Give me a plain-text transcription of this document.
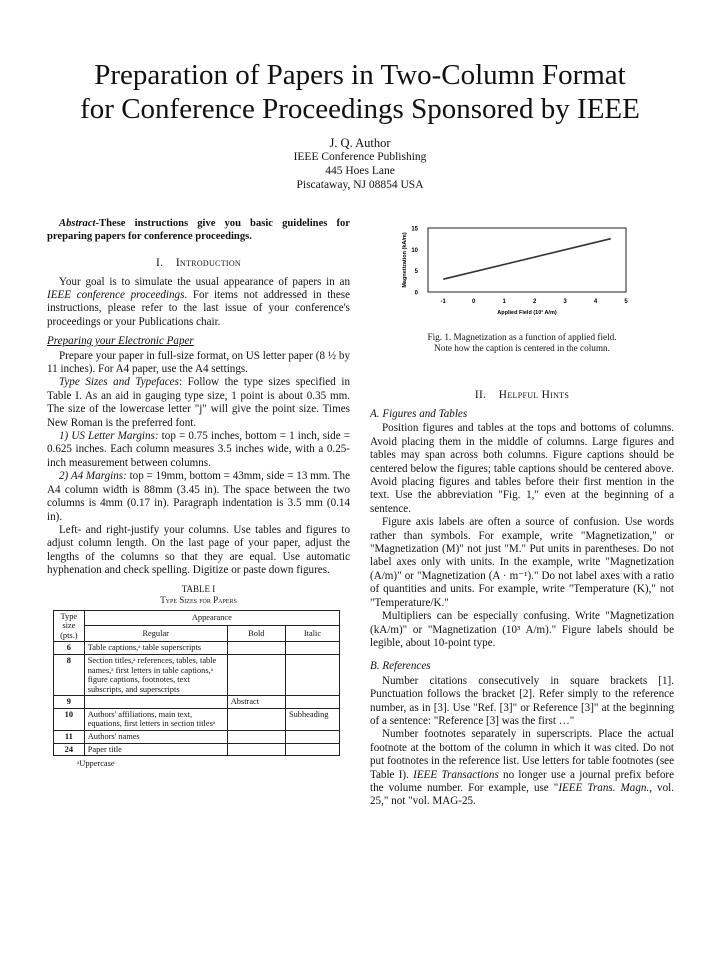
Preparation of Papers in Two-Column Format
for Conference Proceedings Sponsored by IEEE
J. Q. Author
IEEE Conference Publishing
445 Hoes Lane
Piscataway, NJ 08854 USA

Abstract-These instructions give you basic guidelines for preparing papers for conference proceedings.

I. Introduction

Your goal is to simulate the usual appearance of papers in an IEEE conference proceedings. For items not addressed in these instructions, please refer to the last issue of your conference's proceedings or your Publications chair.

Preparing your Electronic Paper

Prepare your paper in full-size format, on US letter paper (8 ½ by 11 inches). For A4 paper, use the A4 settings.

Type Sizes and Typefaces: Follow the type sizes specified in Table I. As an aid in gauging type size, 1 point is about 0.35 mm. The size of the lowercase letter "j" will give the point size. Times New Roman is the preferred font.

1) US Letter Margins: top = 0.75 inches, bottom = 1 inch, side = 0.625 inches. Each column measures 3.5 inches wide, with a 0.25-inch measurement between columns.

2) A4 Margins: top = 19mm, bottom = 43mm, side = 13 mm. The A4 column width is 88mm (3.45 in). The space between the two columns is 4mm (0.17 in). Paragraph indentation is 3.5 mm (0.14 in).

Left- and right-justify your columns. Use tables and figures to adjust column length. On the last page of your paper, adjust the lengths of the columns so that they are equal. Use automatic hyphenation and check spelling. Digitize or paste down figures.

TABLE I
Type Sizes for Papers
Type size (pts.)	Appearance		
	Regular	Bold	Italic
6	Table captions,ᵃ table superscripts		
8	Section titles,ᵃ references, tables, table names,ᵃ first letters in table captions,ᵃ figure captions, footnotes, text subscripts, and superscripts		
9		Abstract	
10	Authors' affiliations, main text, equations, first letters in section titlesᵃ		Subheading
11	Authors' names		
24	Paper title		
ᵃUppercase
0
5
10
15
-1	0	1	2	3	4	5
Applied Field (10³ A/m)
Magnetization (kA/m)
Fig. 1. Magnetization as a function of applied field.
Note how the caption is centered in the column.
II. Helpful Hints
A. Figures and Tables

Position figures and tables at the tops and bottoms of columns. Avoid placing them in the middle of columns. Large figures and tables may span across both columns. Figure captions should be centered below the figures; table captions should be centered above. Avoid placing figures and tables before their first mention in the text. Use the abbreviation "Fig. 1," even at the beginning of a sentence.

Figure axis labels are often a source of confusion. Use words rather than symbols. For example, write "Magnetization," or "Magnetization (M)" not just "M." Put units in parentheses. Do not label axes only with units. In the example, write "Magnetization (A/m)" or "Magnetization (A · m⁻¹)." Do not label axes with a ratio of quantities and units. For example, write "Temperature (K)," not "Temperature/K."

Multipliers can be especially confusing. Write "Magnetization (kA/m)" or "Magnetization (10³ A/m)." Figure labels should be legible, about 10-point type.

B. References

Number citations consecutively in square brackets [1]. Punctuation follows the bracket [2]. Refer simply to the reference number, as in [3]. Use "Ref. [3]" or Reference [3]" at the beginning of a sentence: "Reference [3] was the first …"

Number footnotes separately in superscripts. Place the actual footnote at the bottom of the column in which it was cited. Do not put footnotes in the reference list. Use letters for table footnotes (see Table I). IEEE Transactions no longer use a journal prefix before the volume number. For example, use "IEEE Trans. Magn., vol. 25," not "vol. MAG-25.
